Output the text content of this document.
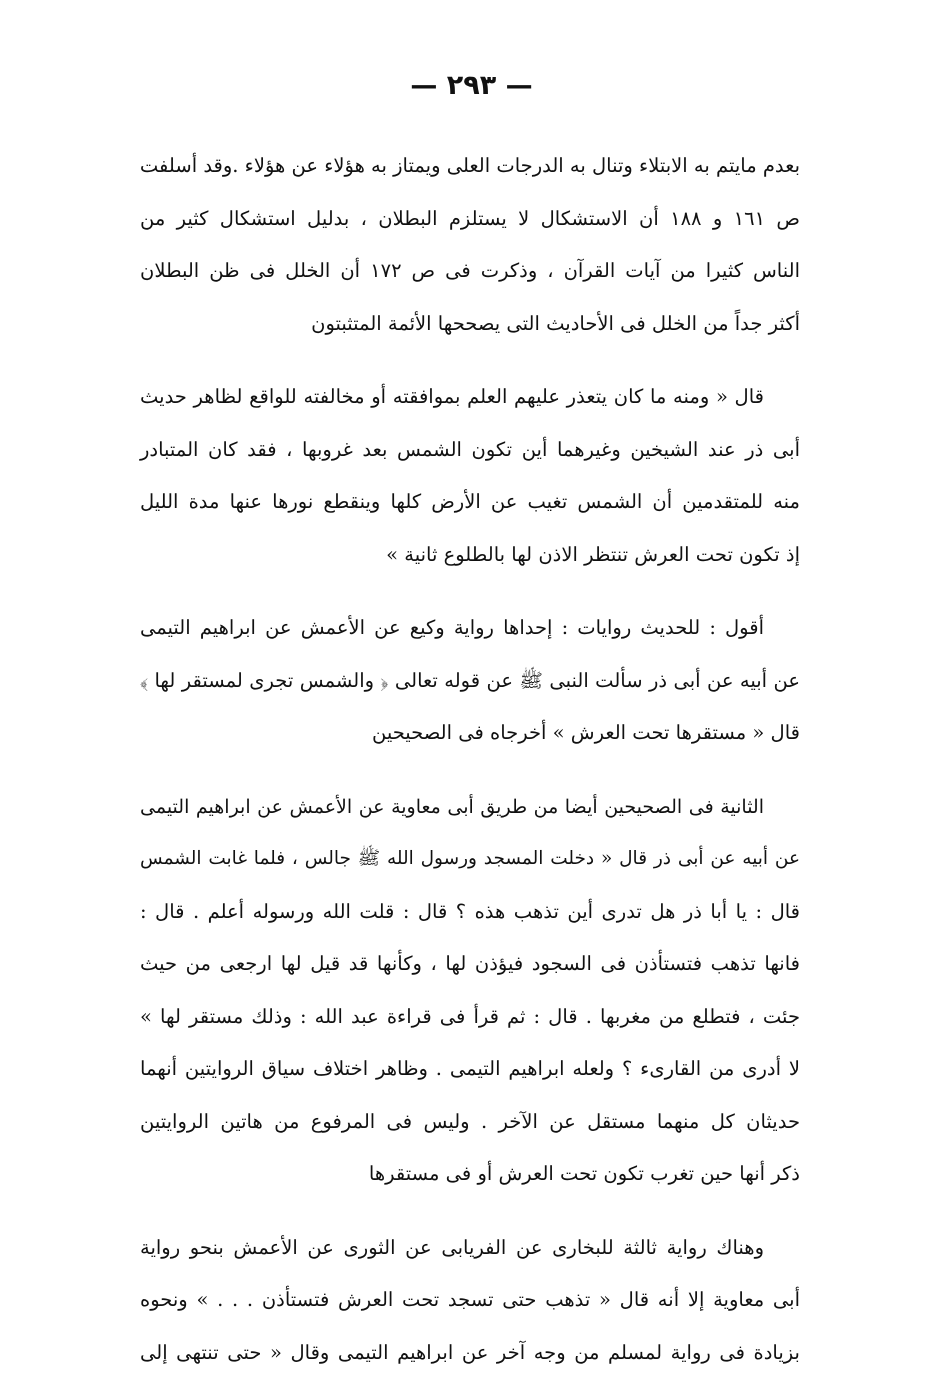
— ٢٩٣ —
بعدم مايتم به الابتلاء وتنال به الدرجات العلى ويمتاز به هؤلاء عن هؤلاء .وقد أسلفت
ص ١٦١ و ١٨٨ أن الاستشكال لا يستلزم البطلان ، بدليل استشكال كثير من
الناس كثيرا من آيات القرآن ، وذكرت فى ص ١٧٢ أن الخلل فى ظن البطلان
أكثر جداً من الخلل فى الأحاديث التى يصححها الأئمة المتثبتون
قال « ومنه ما كان يتعذر عليهم العلم بموافقته أو مخالفته للواقع لظاهر حديث
أبى ذر عند الشيخين وغيرهما أين تكون الشمس بعد غروبها ، فقد كان المتبادر
منه للمتقدمين أن الشمس تغيب عن الأرض كلها وينقطع نورها عنها مدة الليل
إذ تكون تحت العرش تنتظر الاذن لها بالطلوع ثانية »
أقول : للحديث روايات : إحداها رواية وكيع عن الأعمش عن ابراهيم التيمى
عن أبيه عن أبى ذر سألت النبى ﷺ عن قوله تعالى ﴿ والشمس تجرى لمستقر لها ﴾
قال « مستقرها تحت العرش » أخرجاه فى الصحيحين
الثانية فى الصحيحين أيضا من طريق أبى معاوية عن الأعمش عن ابراهيم التيمى
عن أبيه عن أبى ذر قال « دخلت المسجد ورسول الله ﷺ جالس ، فلما غابت الشمس
قال : يا أبا ذر هل تدرى أين تذهب هذه ؟ قال : قلت الله ورسوله أعلم . قال :
فانها تذهب فتستأذن فى السجود فيؤذن لها ، وكأنها قد قيل لها ارجعى من حيث
جئت ، فتطلع من مغربها . قال : ثم قرأ فى قراءة عبد الله : وذلك مستقر لها »
لا أدرى من القارىء ؟ ولعله ابراهيم التيمى . وظاهر اختلاف سياق الروايتين أنهما
حديثان كل منهما مستقل عن الآخر . وليس فى المرفوع من هاتين الروايتين
ذكر أنها حين تغرب تكون تحت العرش أو فى مستقرها
وهناك رواية ثالثة للبخارى عن الفريابى عن الثورى عن الأعمش بنحو رواية
أبى معاوية إلا أنه قال « تذهب حتى تسجد تحت العرش فتستأذن . . . » ونحوه
بزيادة فى رواية لمسلم من وجه آخر عن ابراهيم التيمى وقال « حتى تنتهى إلى
